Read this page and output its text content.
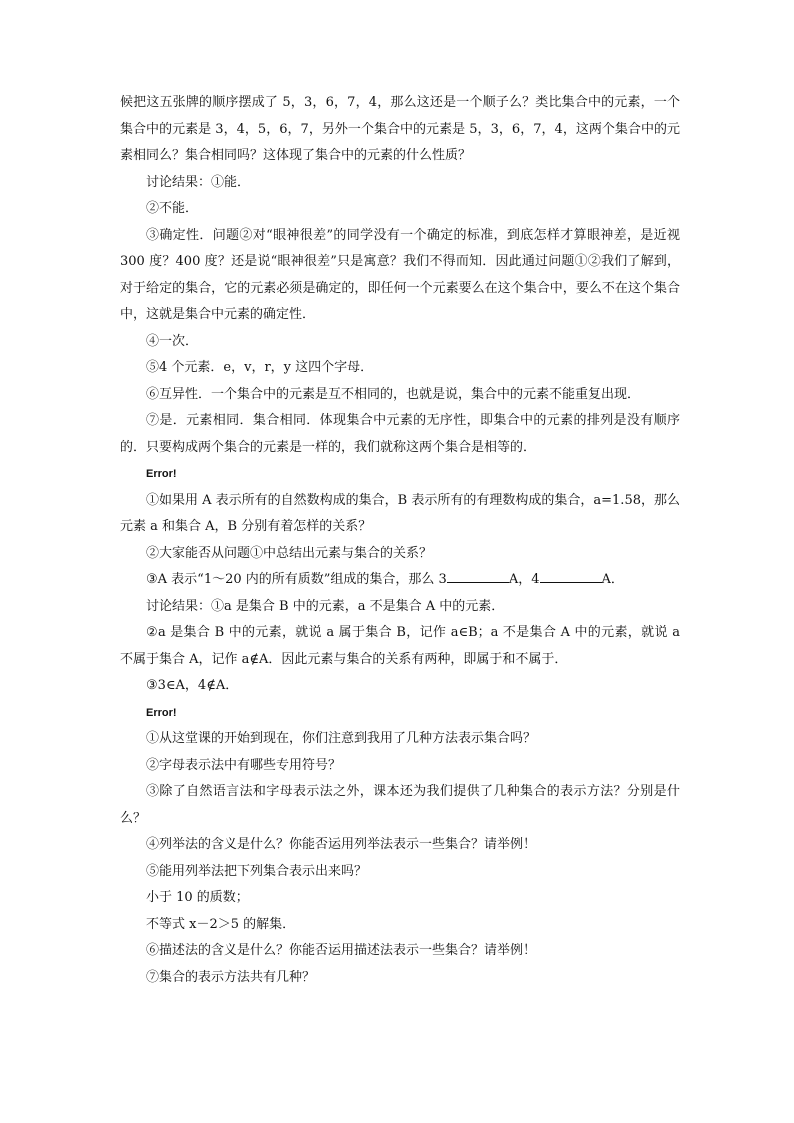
候把这五张牌的顺序摆成了 5，3，6，7，4，那么这还是一个顺子么？类比集合中的元素，一个集合中的元素是 3，4，5，6，7，另外一个集合中的元素是 5，3，6，7，4，这两个集合中的元素相同么？集合相同吗？这体现了集合中的元素的什么性质？

讨论结果：①能．

②不能．

③确定性．问题②对“眼神很差”的同学没有一个确定的标准，到底怎样才算眼神差，是近视 300 度？400 度？还是说“眼神很差”只是寓意？我们不得而知．因此通过问题①②我们了解到，对于给定的集合，它的元素必须是确定的，即任何一个元素要么在这个集合中，要么不在这个集合中，这就是集合中元素的确定性．

④一次．

⑤4 个元素．e，v，r，y 这四个字母．

⑥互异性．一个集合中的元素是互不相同的，也就是说，集合中的元素不能重复出现．

⑦是．元素相同．集合相同．体现集合中元素的无序性，即集合中的元素的排列是没有顺序的．只要构成两个集合的元素是一样的，我们就称这两个集合是相等的．

Error!

①如果用 A 表示所有的自然数构成的集合，B 表示所有的有理数构成的集合，a=1.58，那么元素 a 和集合 A，B 分别有着怎样的关系？

②大家能否从问题①中总结出元素与集合的关系？

③A 表示“1～20 内的所有质数”组成的集合，那么 3	A，4	A．

讨论结果：①a 是集合 B 中的元素，a 不是集合 A 中的元素．

②a 是集合 B 中的元素，就说 a 属于集合 B，记作 a∈B；a 不是集合 A 中的元素，就说 a 不属于集合 A，记作 a∉A．因此元素与集合的关系有两种，即属于和不属于．

③3∈A，4∉A．

Error!

①从这堂课的开始到现在，你们注意到我用了几种方法表示集合吗？

②字母表示法中有哪些专用符号？

③除了自然语言法和字母表示法之外，课本还为我们提供了几种集合的表示方法？分别是什么？

④列举法的含义是什么？你能否运用列举法表示一些集合？请举例！

⑤能用列举法把下列集合表示出来吗？

小于 10 的质数；

不等式 x－2＞5 的解集．

⑥描述法的含义是什么？你能否运用描述法表示一些集合？请举例！

⑦集合的表示方法共有几种？
